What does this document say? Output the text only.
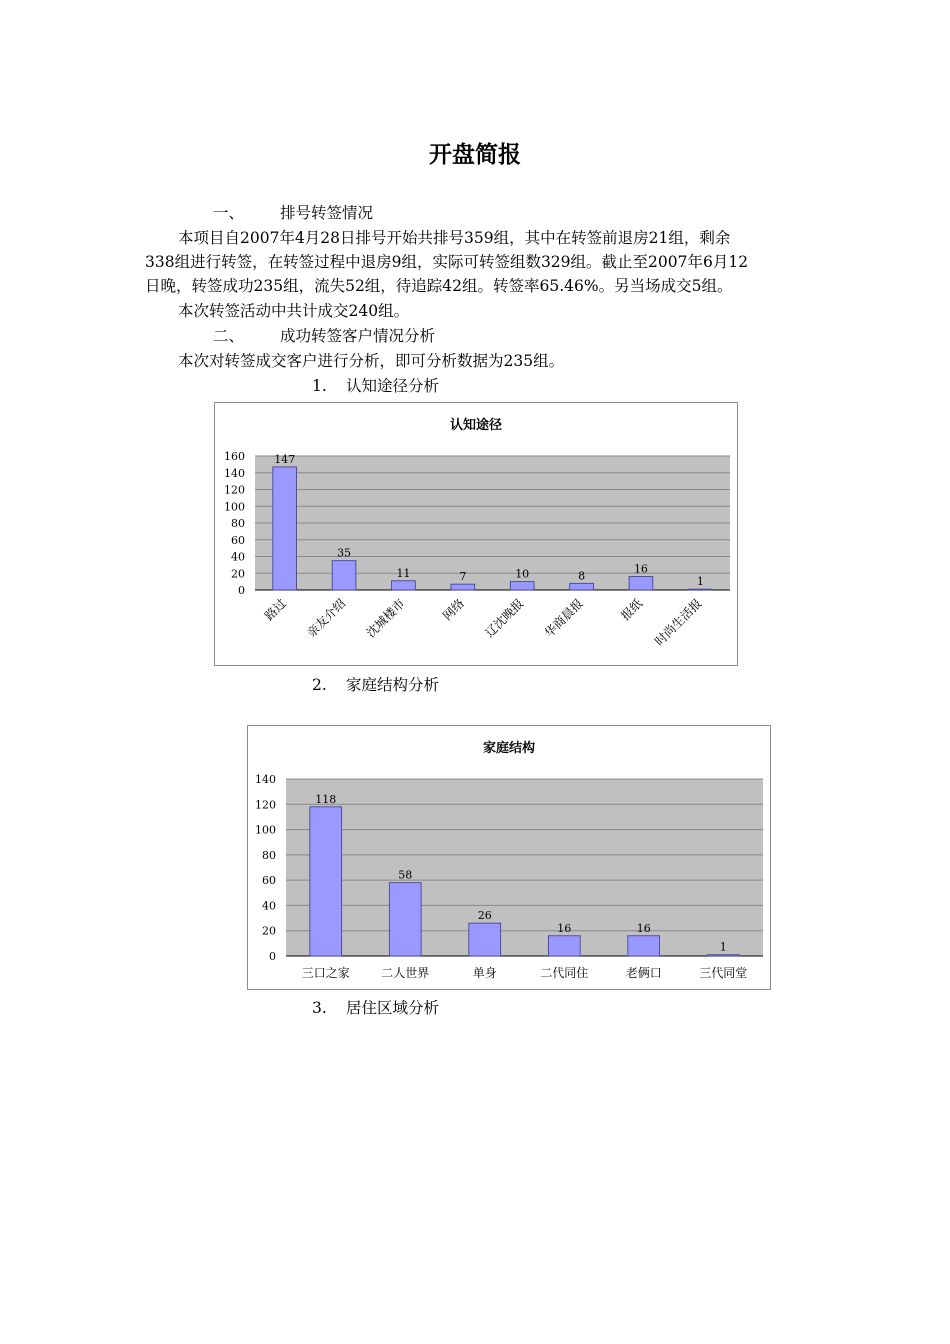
开盘简报
一、 排号转签情况
本项目自2007年4月28日排号开始共排号359组，其中在转签前退房21组，剩余
338组进行转签，在转签过程中退房9组，实际可转签组数329组。截止至2007年6月12
日晚，转签成功235组，流失52组，待追踪42组。转签率65.46%。另当场成交5组。
本次转签活动中共计成交240组。
二、 成功转签客户情况分析
本次对转签成交客户进行分析，即可分析数据为235组。
1. 认知途径分析
认知途径
0
20
40
60
80
100
120
140
160	147
路过
35
亲友介绍
11
沈城楼市
7
网络
10
辽沈晚报
8
华商晨报
16
报纸
1
时尚生活报
2. 家庭结构分析
家庭结构
0
20
40
60
80
100
120
140
118
三口之家
58
二人世界
26
单身
16
二代同住
16
老俩口
1
三代同堂
3. 居住区域分析
